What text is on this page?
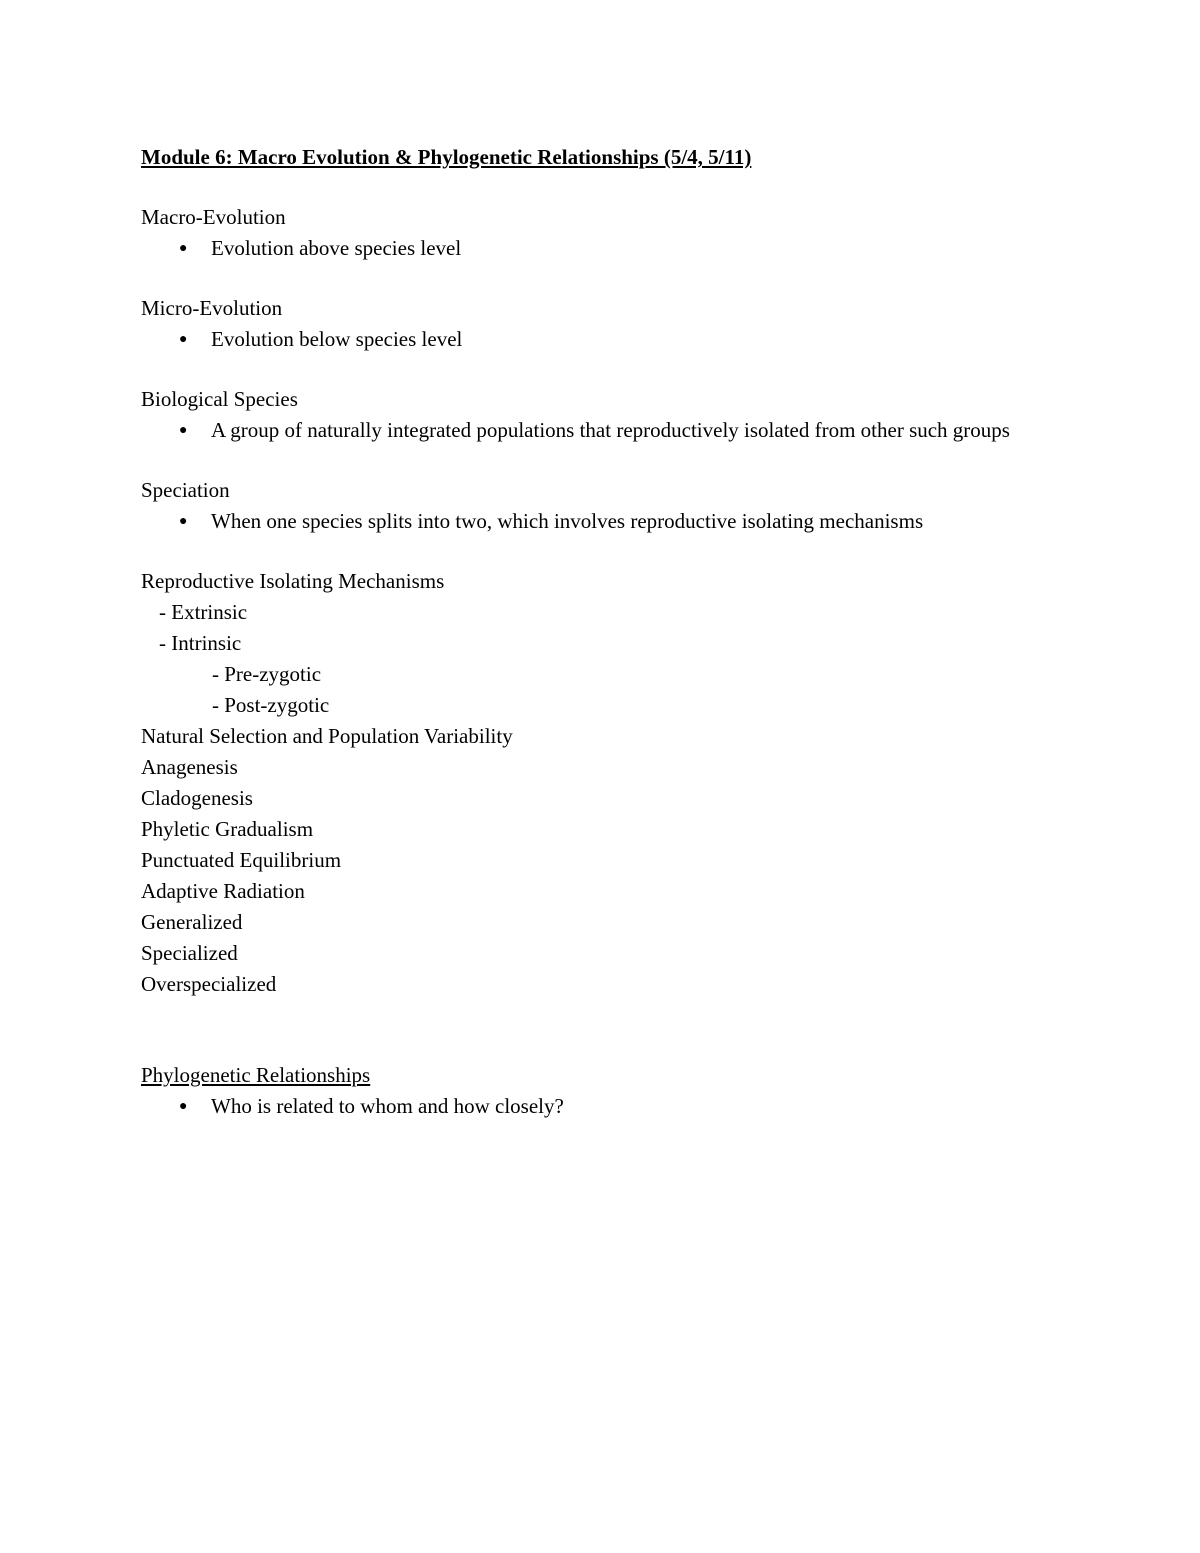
Module 6: Macro Evolution & Phylogenetic Relationships (5/4, 5/11)

Macro-Evolution

● Evolution above species level

Micro-Evolution

● Evolution below species level

Biological Species

● A group of naturally integrated populations that reproductively isolated from other such groups

Speciation

● When one species splits into two, which involves reproductive isolating mechanisms

Reproductive Isolating Mechanisms

- Extrinsic
- Intrinsic
- Pre-zygotic
- Post-zygotic

Natural Selection and Population Variability

Anagenesis

Cladogenesis

Phyletic Gradualism

Punctuated Equilibrium

Adaptive Radiation

Generalized

Specialized

Overspecialized

Phylogenetic Relationships

● Who is related to whom and how closely?
